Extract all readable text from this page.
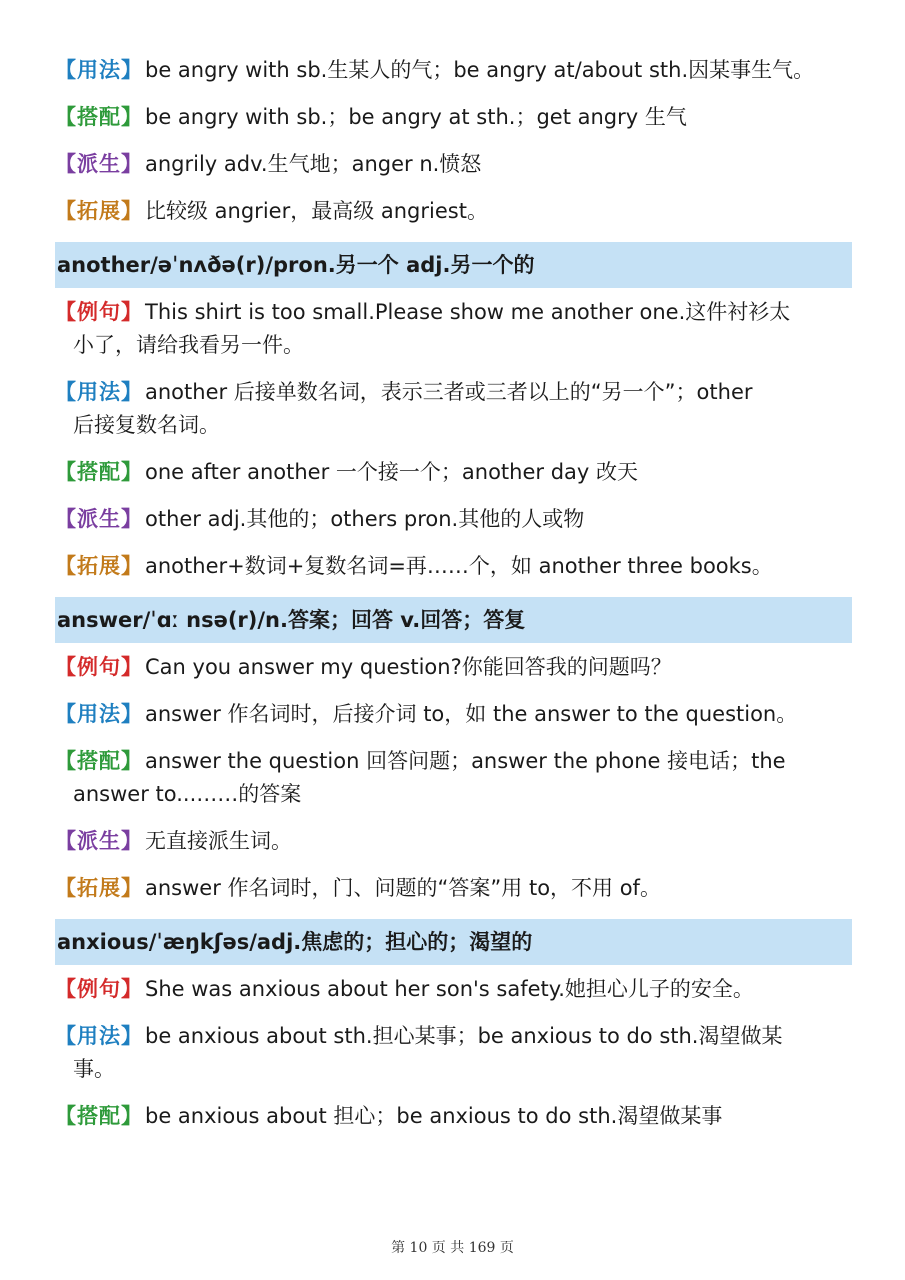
【用法】be angry with sb.生某人的气；be angry at/about sth.因某事生气。
【搭配】be angry with sb.；be angry at sth.；get angry 生气
【派生】angrily adv.生气地；anger n.愤怒
【拓展】比较级 angrier，最高级 angriest。
another/əˈnʌðə(r)/pron.另一个 adj.另一个的
【例句】This shirt is too small.Please show me another one.这件衬衫太
小了，请给我看另一件。
【用法】another 后接单数名词，表示三者或三者以上的“另一个”；other
后接复数名词。
【搭配】one after another 一个接一个；another day 改天
【派生】other adj.其他的；others pron.其他的人或物
【拓展】another+数词+复数名词=再……个，如 another three books。
answer/ˈɑː nsə(r)/n.答案；回答 v.回答；答复
【例句】Can you answer my question?你能回答我的问题吗？
【用法】answer 作名词时，后接介词 to，如 the answer to the question。
【搭配】answer the question 回答问题；answer the phone 接电话；the
answer to...……的答案
【派生】无直接派生词。
【拓展】answer 作名词时，门、问题的“答案”用 to，不用 of。
anxious/ˈæŋkʃəs/adj.焦虑的；担心的；渴望的
【例句】She was anxious about her son's safety.她担心儿子的安全。
【用法】be anxious about sth.担心某事；be anxious to do sth.渴望做某
事。
【搭配】be anxious about 担心；be anxious to do sth.渴望做某事
第 10 页 共 169 页
